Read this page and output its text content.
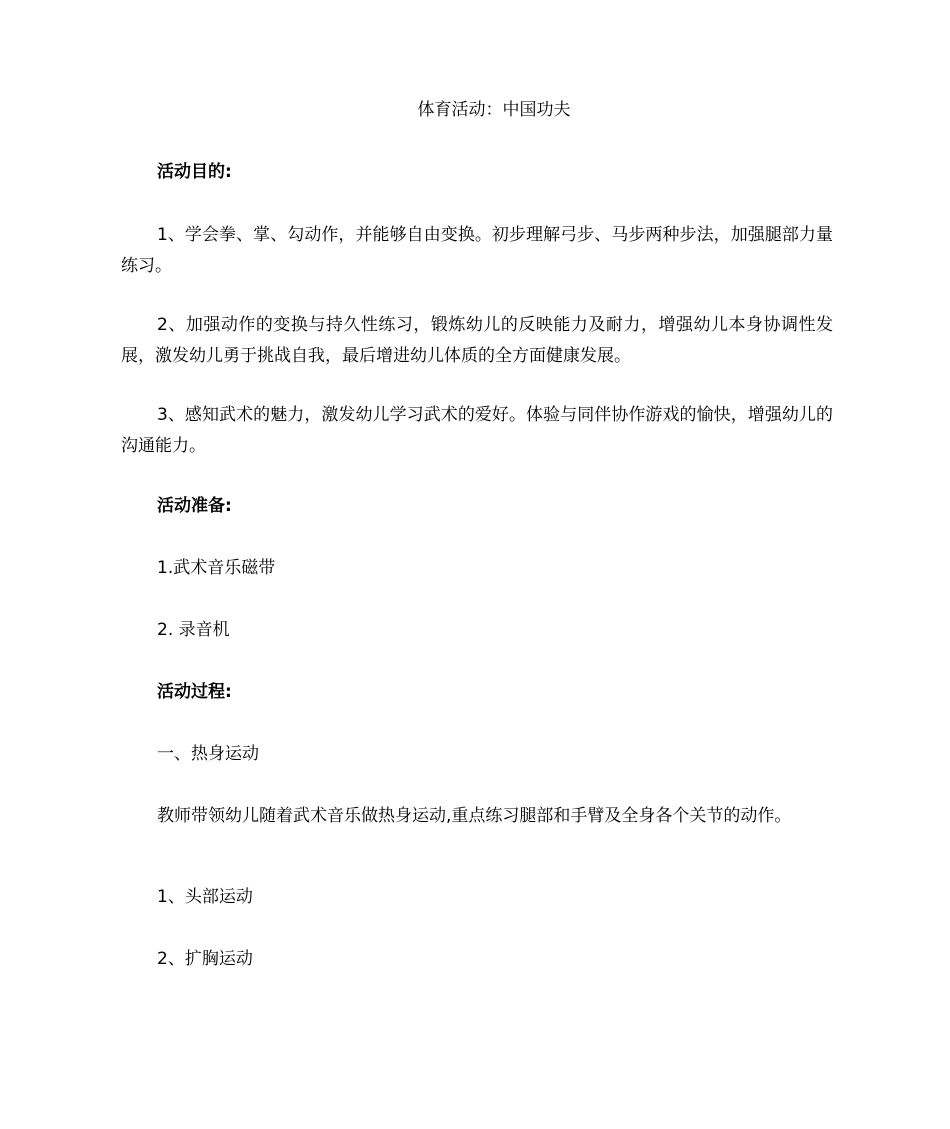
体育活动：中国功夫
活动目的:
1、学会拳、掌、勾动作，并能够自由变换。初步理解弓步、马步两种步法，加强腿部力量练习。
2、加强动作的变换与持久性练习，锻炼幼儿的反映能力及耐力，增强幼儿本身协调性发展，激发幼儿勇于挑战自我，最后增进幼儿体质的全方面健康发展。
3、感知武术的魅力，激发幼儿学习武术的爱好。体验与同伴协作游戏的愉快，增强幼儿的沟通能力。
活动准备:
1.武术音乐磁带
2. 录音机
活动过程:
一、热身运动
教师带领幼儿随着武术音乐做热身运动,重点练习腿部和手臂及全身各个关节的动作。
1、头部运动
2、扩胸运动
